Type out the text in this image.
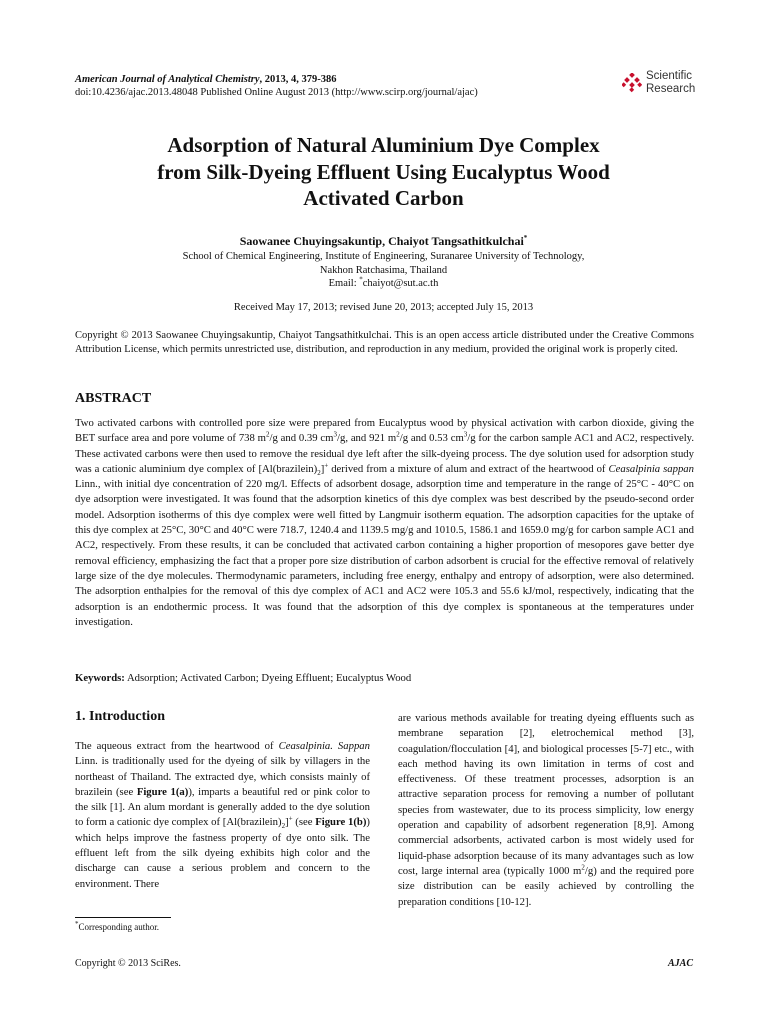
American Journal of Analytical Chemistry, 2013, 4, 379-386
doi:10.4236/ajac.2013.48048 Published Online August 2013 (http://www.scirp.org/journal/ajac)
Scientific
Research
Adsorption of Natural Aluminium Dye Complex
from Silk-Dyeing Effluent Using Eucalyptus Wood
Activated Carbon
Saowanee Chuyingsakuntip, Chaiyot Tangsathitkulchai*
School of Chemical Engineering, Institute of Engineering, Suranaree University of Technology,
Nakhon Ratchasima, Thailand
Email: *chaiyot@sut.ac.th
Received May 17, 2013; revised June 20, 2013; accepted July 15, 2013
Copyright © 2013 Saowanee Chuyingsakuntip, Chaiyot Tangsathitkulchai. This is an open access article distributed under the Creative Commons Attribution License, which permits unrestricted use, distribution, and reproduction in any medium, provided the original work is properly cited.
ABSTRACT
Two activated carbons with controlled pore size were prepared from Eucalyptus wood by physical activation with carbon dioxide, giving the BET surface area and pore volume of 738 $m^2/g$ and 0.39 $cm^3/g$, and 921 $m^2/g$ and 0.53 $cm^3/g$ for the carbon sample AC1 and AC2, respectively. These activated carbons were then used to remove the residual dye left after the silk-dyeing process. The dye solution used for adsorption study was a cationic aluminium dye complex of $[Al(brazilein)_2]^+$ derived from a mixture of alum and extract of the heartwood of Ceasalpinia sappan Linn., with initial dye concentration of 220 mg/l. Effects of adsorbent dosage, adsorption time and temperature in the range of 25°C - 40°C on dye adsorption were investigated. It was found that the adsorption kinetics of this dye complex was best described by the pseudo-second order model. Adsorption isotherms of this dye complex were well fitted by Langmuir isotherm equation. The adsorption capacities for the uptake of this dye complex at 25°C, 30°C and 40°C were 718.7, 1240.4 and 1139.5 mg/g and 1010.5, 1586.1 and 1659.0 mg/g for carbon sample AC1 and AC2, respectively. From these results, it can be concluded that activated carbon containing a higher proportion of mesopores gave better dye removal efficiency, emphasizing the fact that a proper pore size distribution of carbon adsorbent is crucial for the effective removal of relatively large size of the dye molecules. Thermodynamic parameters, including free energy, enthalpy and entropy of adsorption, were also determined. The adsorption enthalpies for the removal of this dye complex of AC1 and AC2 were 105.3 and 55.6 kJ/mol, respectively, indicating that the adsorption is an endothermic process. It was found that the adsorption of this dye complex is spontaneous at the temperatures under investigation.
Keywords: Adsorption; Activated Carbon; Dyeing Effluent; Eucalyptus Wood
1. Introduction
The aqueous extract from the heartwood of Ceasalpinia. Sappan Linn. is traditionally used for the dyeing of silk by villagers in the northeast of Thailand. The extracted dye, which consists mainly of brazilein (see Figure 1(a)), imparts a beautiful red or pink color to the silk [1]. An alum mordant is generally added to the dye solution to form a cationic dye complex of $[Al(brazilein)_2]^+$ (see Figure 1(b)) which helps improve the fastness property of dye onto silk. The effluent left from the silk dyeing exhibits high color and the discharge can cause a serious problem and concern to the environment. There
are various methods available for treating dyeing effluents such as membrane separation [2], eletrochemical method [3], coagulation/flocculation [4], and biological processes [5-7] etc., with each method having its own limitation in terms of cost and effectiveness. Of these treatment processes, adsorption is an attractive separation process for removing a number of pollutant species from wastewater, due to its process simplicity, low energy operation and capability of adsorbent regeneration [8,9]. Among commercial adsorbents, activated carbon is most widely used for liquid-phase adsorption because of its many advantages such as low cost, large internal area (typically 1000 $m^2/g$) and the required pore size distribution can be easily achieved by controlling the preparation conditions [10-12].
*Corresponding author.
Copyright © 2013 SciRes.	AJAC
